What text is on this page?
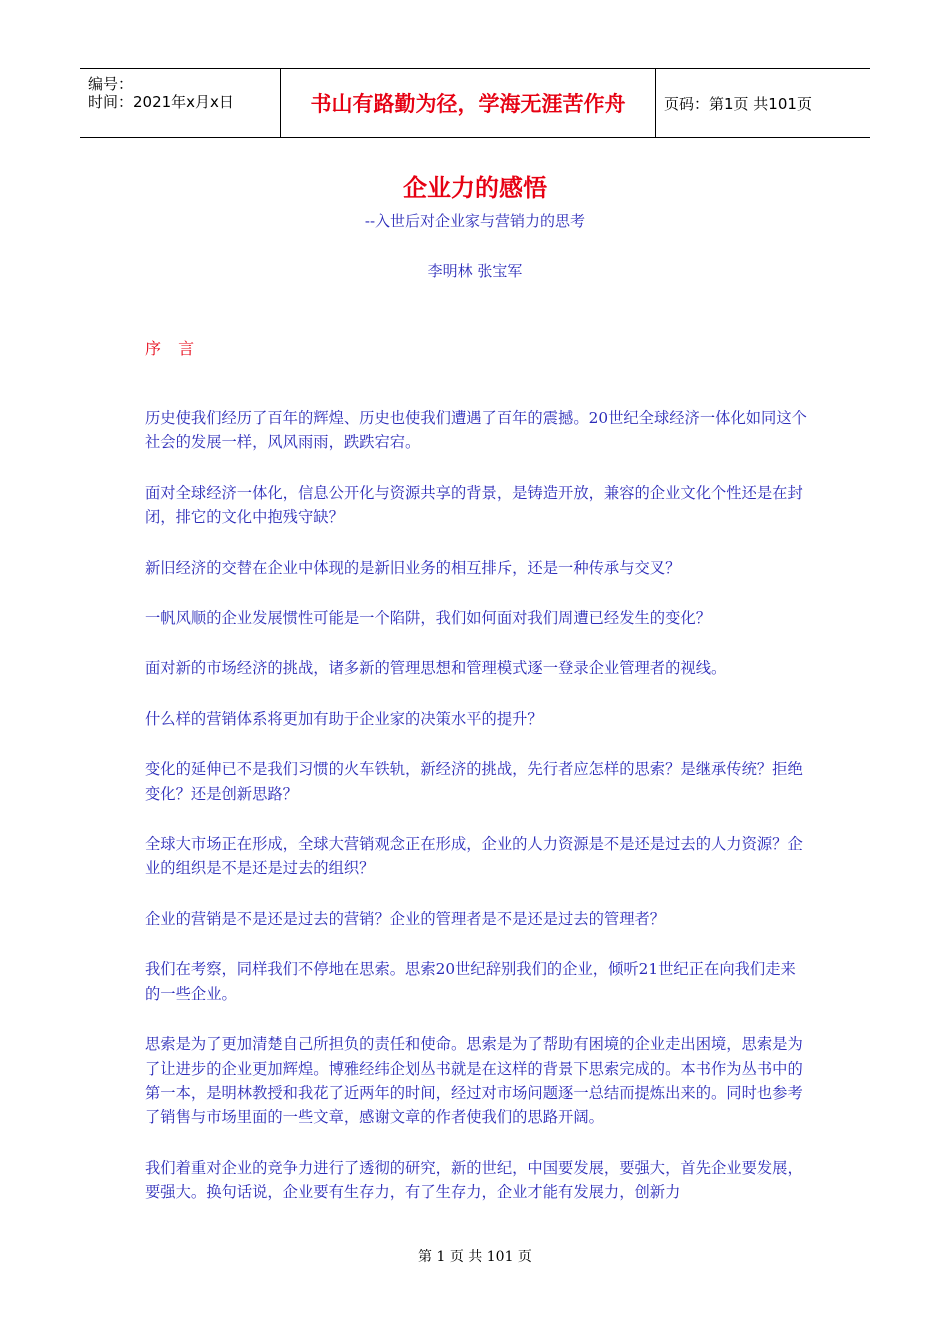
编号：
时间：2021年x月x日	书山有路勤为径，学海无涯苦作舟	页码：第1页 共101页
企业力的感悟
--入世后对企业家与营销力的思考
李明林 张宝军
序 言

历史使我们经历了百年的辉煌、历史也使我们遭遇了百年的震撼。20世纪全球经济一体化如同这个社会的发展一样，风风雨雨，跌跌宕宕。

面对全球经济一体化，信息公开化与资源共享的背景，是铸造开放，兼容的企业文化个性还是在封闭，排它的文化中抱残守缺？

新旧经济的交替在企业中体现的是新旧业务的相互排斥，还是一种传承与交叉？

一帆风顺的企业发展惯性可能是一个陷阱，我们如何面对我们周遭已经发生的变化？

面对新的市场经济的挑战，诸多新的管理思想和管理模式逐一登录企业管理者的视线。

什么样的营销体系将更加有助于企业家的决策水平的提升？

变化的延伸已不是我们习惯的火车铁轨，新经济的挑战，先行者应怎样的思索？是继承传统？拒绝变化？还是创新思路？

全球大市场正在形成，全球大营销观念正在形成，企业的人力资源是不是还是过去的人力资源？企业的组织是不是还是过去的组织？

企业的营销是不是还是过去的营销？企业的管理者是不是还是过去的管理者？

我们在考察，同样我们不停地在思索。思索20世纪辞别我们的企业，倾听21世纪正在向我们走来的一些企业。

思索是为了更加清楚自己所担负的责任和使命。思索是为了帮助有困境的企业走出困境，思索是为了让进步的企业更加辉煌。博雅经纬企划丛书就是在这样的背景下思索完成的。本书作为丛书中的第一本，是明林教授和我花了近两年的时间，经过对市场问题逐一总结而提炼出来的。同时也参考了销售与市场里面的一些文章，感谢文章的作者使我们的思路开阔。

我们着重对企业的竞争力进行了透彻的研究，新的世纪，中国要发展，要强大，首先企业要发展，要强大。换句话说，企业要有生存力，有了生存力，企业才能有发展力，创新力

第 1 页 共 101 页
